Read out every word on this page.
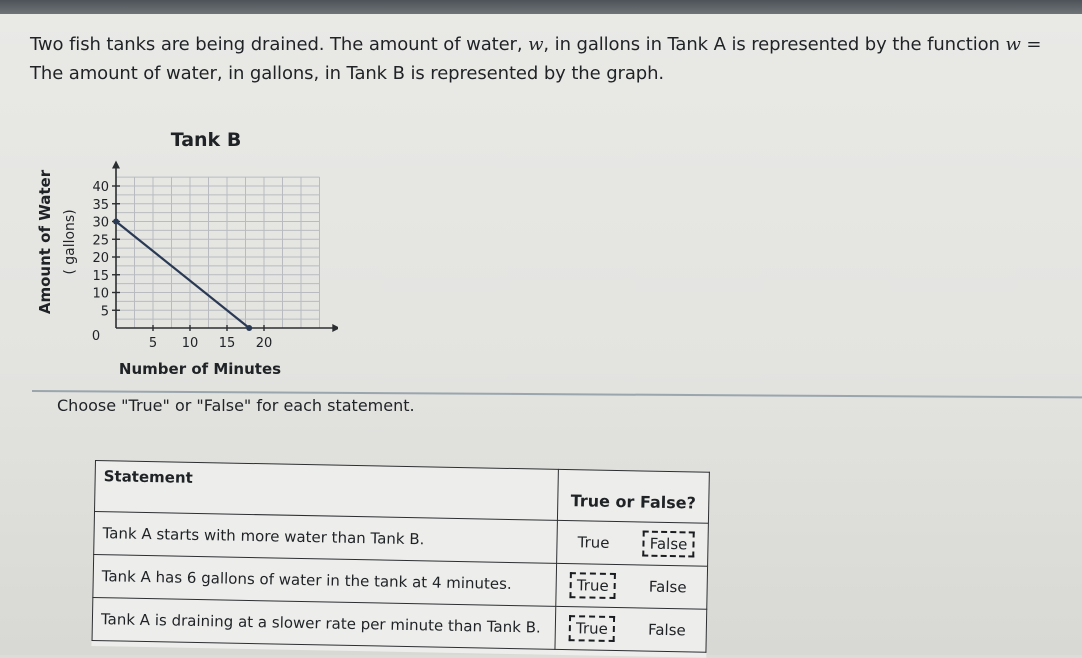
Two fish tanks are being drained. The amount of water, w, in gallons in Tank A is represented by the function w =
The amount of water, in gallons, in Tank B is represented by the graph.
5 10 15 20
5
10
15
20
25
30
35
40
0
Tank B
Number of Minutes
Amount of Water ( gallons)
Choose "True" or "False" for each statement.
Statement	True or False?
Tank A starts with more water than Tank B.	True False

Tank A has 6 gallons of water in the tank at 4 minutes.	True False

Tank A is draining at a slower rate per minute than Tank B.	True False
